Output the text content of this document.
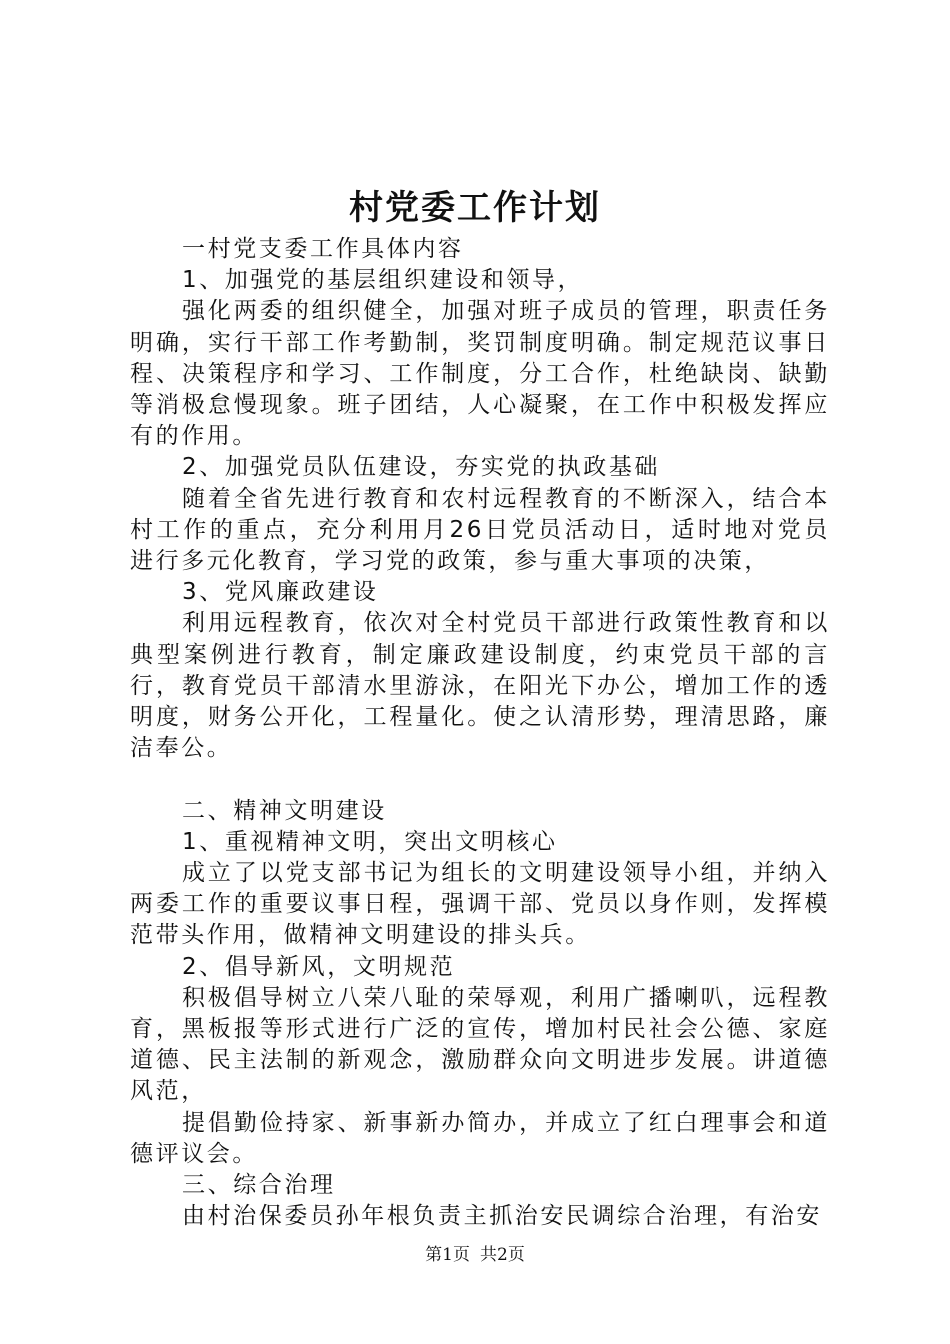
村党委工作计划

一村党支委工作具体内容

1、加强党的基层组织建设和领导，

强化两委的组织健全，加强对班子成员的管理，职责任务明确，实行干部工作考勤制，奖罚制度明确。制定规范议事日程、决策程序和学习、工作制度，分工合作，杜绝缺岗、缺勤等消极怠慢现象。班子团结，人心凝聚，在工作中积极发挥应有的作用。

2、加强党员队伍建设，夯实党的执政基础

随着全省先进行教育和农村远程教育的不断深入，结合本村工作的重点，充分利用月26日党员活动日，适时地对党员进行多元化教育，学习党的政策，参与重大事项的决策，

3、党风廉政建设

利用远程教育，依次对全村党员干部进行政策性教育和以典型案例进行教育，制定廉政建设制度，约束党员干部的言行，教育党员干部清水里游泳，在阳光下办公，增加工作的透明度，财务公开化，工程量化。使之认清形势，理清思路，廉洁奉公。

二、精神文明建设

1、重视精神文明，突出文明核心

成立了以党支部书记为组长的文明建设领导小组，并纳入两委工作的重要议事日程，强调干部、党员以身作则，发挥模范带头作用，做精神文明建设的排头兵。

2、倡导新风，文明规范

积极倡导树立八荣八耻的荣辱观，利用广播喇叭，远程教育，黑板报等形式进行广泛的宣传，增加村民社会公德、家庭道德、民主法制的新观念，激励群众向文明进步发展。讲道德风范，

提倡勤俭持家、新事新办简办，并成立了红白理事会和道德评议会。

三、综合治理

由村治保委员孙年根负责主抓治安民调综合治理，有治安

第1页 共2页
